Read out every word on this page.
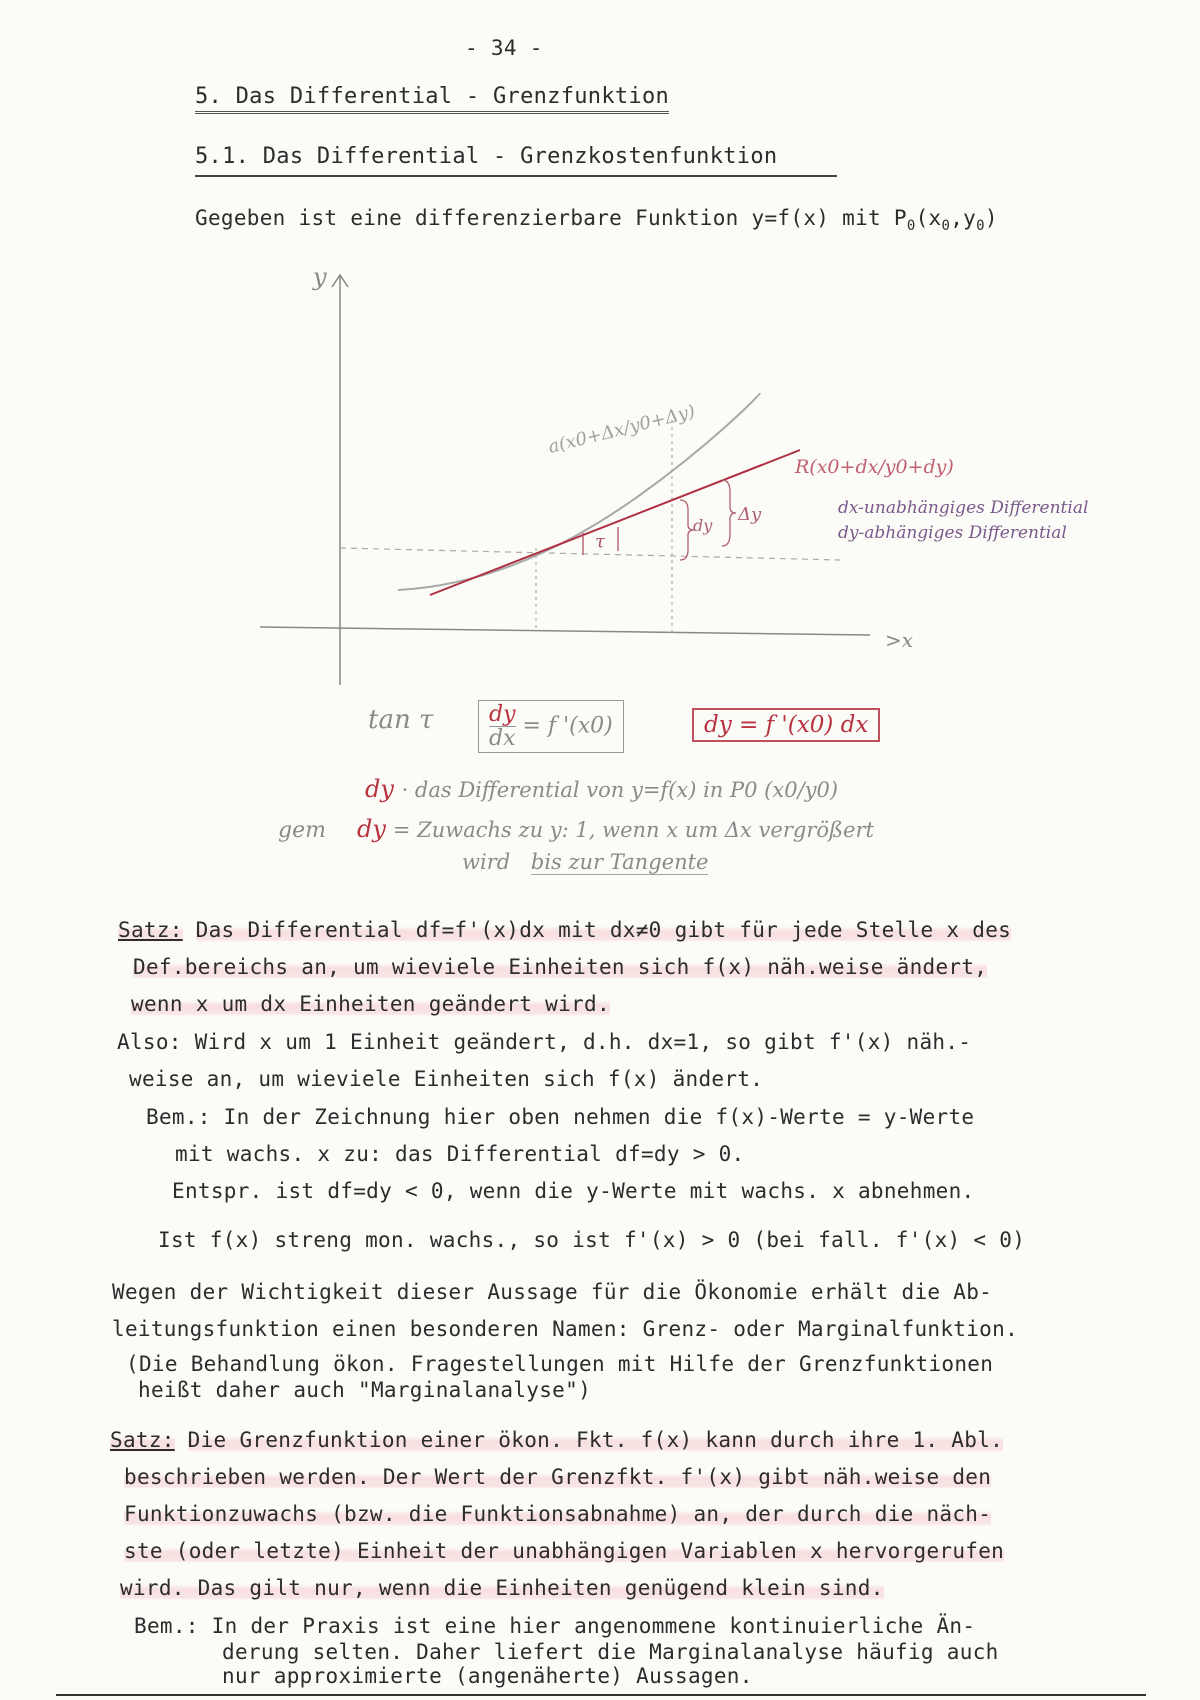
- 34 -
5. Das Differential - Grenzfunktion
5.1. Das Differential - Grenzkostenfunktion
Gegeben ist eine differenzierbare Funktion y=f(x) mit $P_0(x_0,y_0)$
y
>x
a(x0+Δx/y0+Δy)
R(x0+dx/y0+dy)
τ
dy
Δy	dx-unabhängiges Differential
dy-abhängiges Differential
tan τ	$\frac{dy}{dx} = f$ '(x0)	dy = f '(x0) dx
dy · das Differential von y=f(x) in P0 (x0/y0)
gem dy = Zuwachs zu y: 1, wenn x um Δx vergrößert
wird bis zur Tangente
Satz: Das Differential df=f'(x)dx mit dx≠0 gibt für jede Stelle x des
Def.bereichs an, um wieviele Einheiten sich f(x) näh.weise ändert,
wenn x um dx Einheiten geändert wird.
Also: Wird x um 1 Einheit geändert, d.h. dx=1, so gibt f'(x) näh.-
weise an, um wieviele Einheiten sich f(x) ändert.
Bem.: In der Zeichnung hier oben nehmen die f(x)-Werte = y-Werte
mit wachs. x zu: das Differential df=dy > 0.
Entspr. ist df=dy < 0, wenn die y-Werte mit wachs. x abnehmen.
Ist f(x) streng mon. wachs., so ist f'(x) > 0 (bei fall. f'(x) < 0)
Wegen der Wichtigkeit dieser Aussage für die Ökonomie erhält die Ab-
leitungsfunktion einen besonderen Namen: Grenz- oder Marginalfunktion.
(Die Behandlung ökon. Fragestellungen mit Hilfe der Grenzfunktionen
heißt daher auch "Marginalanalyse")
Satz: Die Grenzfunktion einer ökon. Fkt. f(x) kann durch ihre 1. Abl.
beschrieben werden. Der Wert der Grenzfkt. f'(x) gibt näh.weise den
Funktionzuwachs (bzw. die Funktionsabnahme) an, der durch die näch-
ste (oder letzte) Einheit der unabhängigen Variablen x hervorgerufen
wird. Das gilt nur, wenn die Einheiten genügend klein sind.
Bem.: In der Praxis ist eine hier angenommene kontinuierliche Än-
derung selten. Daher liefert die Marginalanalyse häufig auch
nur approximierte (angenäherte) Aussagen.
